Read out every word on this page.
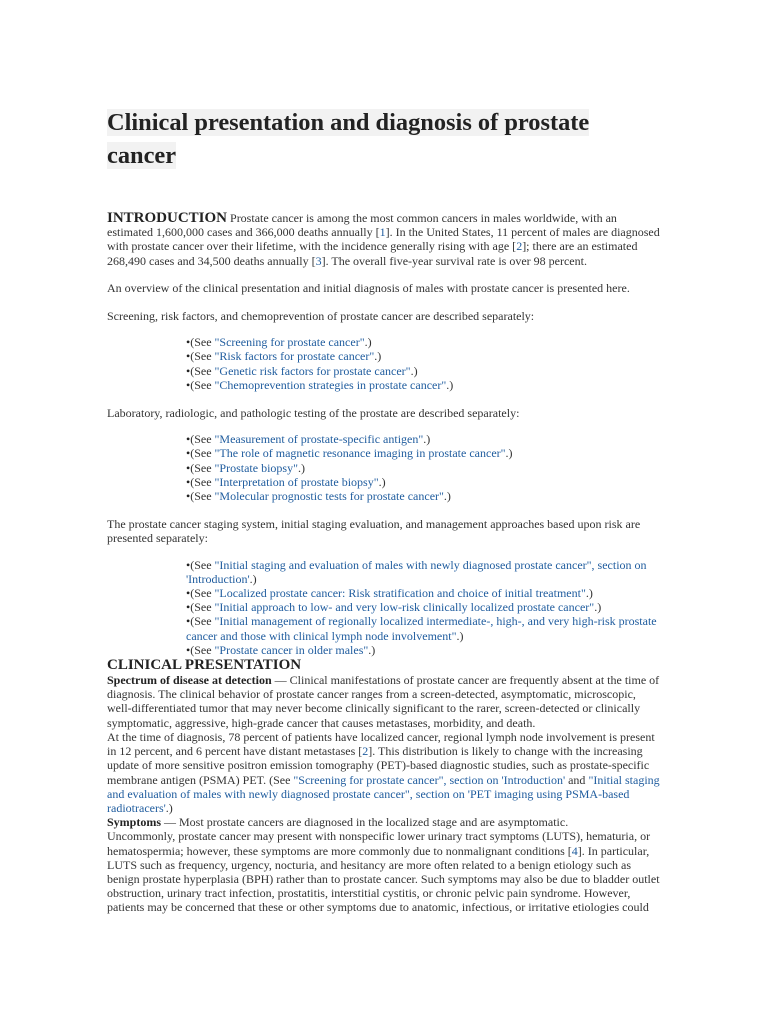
Clinical presentation and diagnosis of prostate cancer

INTRODUCTION Prostate cancer is among the most common cancers in males worldwide, with an estimated 1,600,000 cases and 366,000 deaths annually [1]. In the United States, 11 percent of males are diagnosed with prostate cancer over their lifetime, with the incidence generally rising with age [2]; there are an estimated 268,490 cases and 34,500 deaths annually [3]. The overall five-year survival rate is over 98 percent.

An overview of the clinical presentation and initial diagnosis of males with prostate cancer is presented here.

Screening, risk factors, and chemoprevention of prostate cancer are described separately:

• (See "Screening for prostate cancer".)
• (See "Risk factors for prostate cancer".)
• (See "Genetic risk factors for prostate cancer".)
• (See "Chemoprevention strategies in prostate cancer".)

Laboratory, radiologic, and pathologic testing of the prostate are described separately:

• (See "Measurement of prostate-specific antigen".)
• (See "The role of magnetic resonance imaging in prostate cancer".)
• (See "Prostate biopsy".)
• (See "Interpretation of prostate biopsy".)
• (See "Molecular prognostic tests for prostate cancer".)

The prostate cancer staging system, initial staging evaluation, and management approaches based upon risk are presented separately:

• (See "Initial staging and evaluation of males with newly diagnosed prostate cancer", section on 'Introduction'.)
• (See "Localized prostate cancer: Risk stratification and choice of initial treatment".)
• (See "Initial approach to low- and very low-risk clinically localized prostate cancer".)
• (See "Initial management of regionally localized intermediate-, high-, and very high-risk prostate cancer and those with clinical lymph node involvement".)
• (See "Prostate cancer in older males".)
CLINICAL PRESENTATION

Spectrum of disease at detection — Clinical manifestations of prostate cancer are frequently absent at the time of diagnosis. The clinical behavior of prostate cancer ranges from a screen-detected, asymptomatic, microscopic, well-differentiated tumor that may never become clinically significant to the rarer, screen-detected or clinically symptomatic, aggressive, high-grade cancer that causes metastases, morbidity, and death.

At the time of diagnosis, 78 percent of patients have localized cancer, regional lymph node involvement is present in 12 percent, and 6 percent have distant metastases [2]. This distribution is likely to change with the increasing update of more sensitive positron emission tomography (PET)-based diagnostic studies, such as prostate-specific membrane antigen (PSMA) PET. (See "Screening for prostate cancer", section on 'Introduction' and "Initial staging and evaluation of males with newly diagnosed prostate cancer", section on 'PET imaging using PSMA-based radiotracers'.)

Symptoms — Most prostate cancers are diagnosed in the localized stage and are asymptomatic.

Uncommonly, prostate cancer may present with nonspecific lower urinary tract symptoms (LUTS), hematuria, or hematospermia; however, these symptoms are more commonly due to nonmalignant conditions [4]. In particular, LUTS such as frequency, urgency, nocturia, and hesitancy are more often related to a benign etiology such as benign prostate hyperplasia (BPH) rather than to prostate cancer. Such symptoms may also be due to bladder outlet obstruction, urinary tract infection, prostatitis, interstitial cystitis, or chronic pelvic pain syndrome. However, patients may be concerned that these or other symptoms due to anatomic, infectious, or irritative etiologies could
